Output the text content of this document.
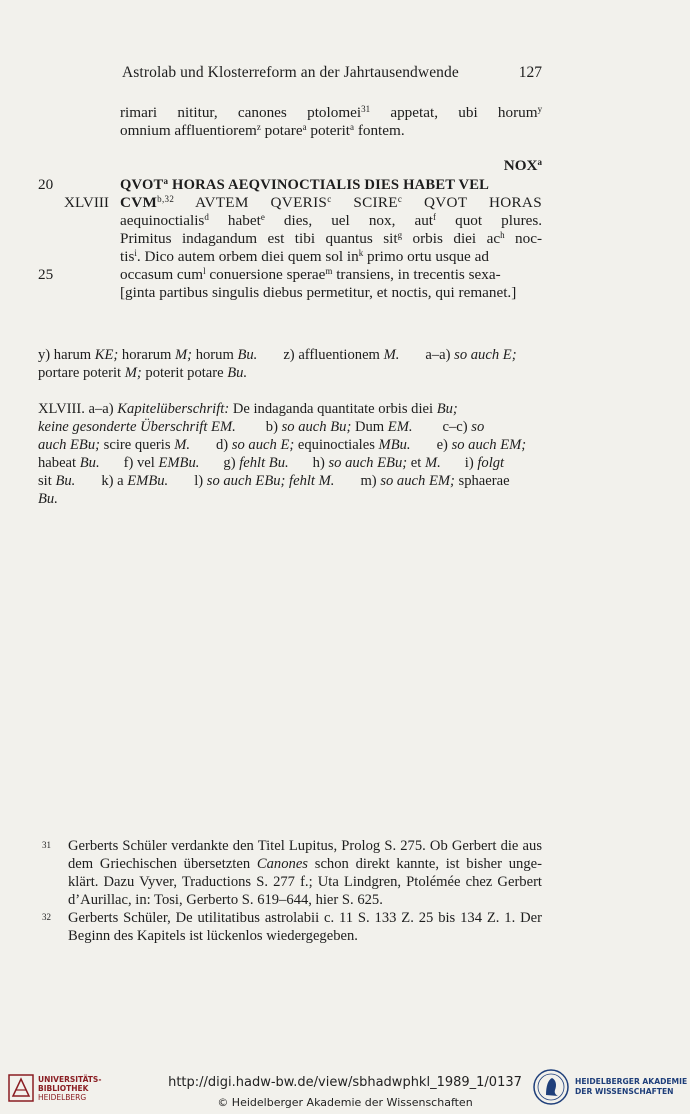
Astrolab und Klosterreform an der Jahrtausendwende	127
rimari nititur, canones ptolomei$^{31}$ appetat, ubi horum$^y$
omnium affluentiorem$^z$ potare$^a$ poterit$^a$ fontem.
NOX$^a$
20	QVOT$^a$ HORAS AEQVINOCTIALIS DIES HABET VEL
XLVIII CVM$^{b,32}$ AVTEM QVERIS$^c$ SCIRE$^c$ QVOT HORAS
aequinoctialis$^d$ habet$^e$ dies, uel nox, aut$^f$ quot plures.
Primitus indagandum est tibi quantus sit$^g$ orbis diei $ac^h$ noc-
tis$^i$. Dico autem orbem diei quem sol $in^k$ primo ortu usque ad
25	occasum cum$^l$ conuersione sperae$^m$ transiens, in trecentis sexa-
[ginta partibus singulis diebus permetitur, et noctis, qui remanet.]
y) harum KE; horarum M; horum Bu. z) affluentionem M. a–a) so auch E;
portare poterit M; poterit potare Bu.
XLVIII. a–a) Kapitelüberschrift: De indaganda quantitate orbis diei Bu;
keine gesonderte Überschrift EM. b) so auch Bu; Dum EM. c–c) so
auch EBu; scire queris M. d) so auch E; equinoctiales MBu. e) so auch EM;
habeat Bu. f) vel EMBu. g) fehlt Bu. h) so auch EBu; et M. i) folgt
sit Bu. k) a EMBu. l) so auch EBu; fehlt M. m) so auch EM; sphaerae
Bu.
31 Gerberts Schüler verdankte den Titel Lupitus, Prolog S. 275. Ob Gerbert die aus
dem Griechischen übersetzten Canones schon direkt kannte, ist bisher unge-
klärt. Dazu Vyver, Traductions S. 277 f.; Uta Lindgren, Ptolémée chez Gerbert
d’Aurillac, in: Tosi, Gerberto S. 619–644, hier S. 625.
32 Gerberts Schüler, De utilitatibus astrolabii c. 11 S. 133 Z. 25 bis 134 Z. 1. Der
Beginn des Kapitels ist lückenlos wiedergegeben.
UNIVERSITÄTS-
BIBLIOTHEK
HEIDELBERG
http://digi.hadw-bw.de/view/sbhadwphkl_1989_1/0137
© Heidelberger Akademie der Wissenschaften
HEIDELBERGER AKADEMIE
DER WISSENSCHAFTEN
